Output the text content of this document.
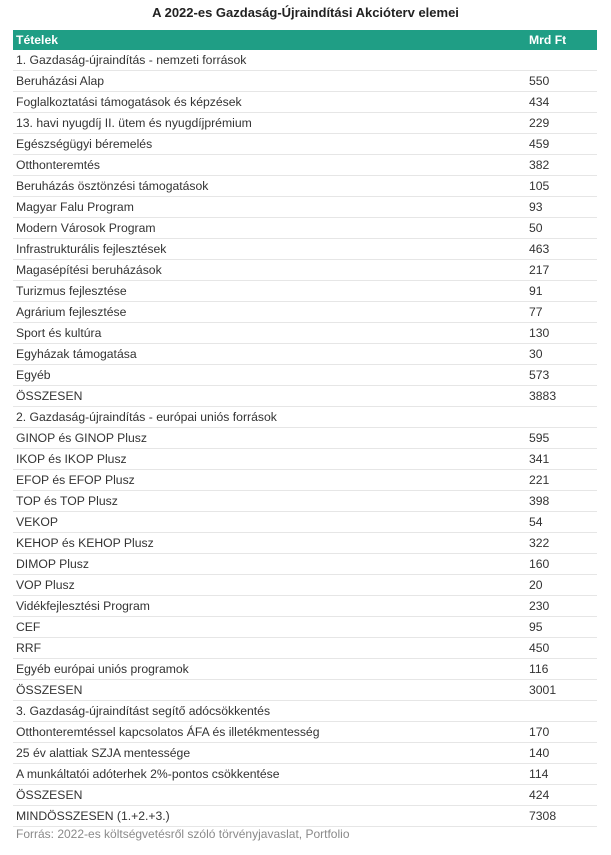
A 2022-es Gazdaság-Újraindítási Akcióterv elemei
Tételek	Mrd Ft
1. Gazdaság-újraindítás - nemzeti források
Beruházási Alap	550
Foglalkoztatási támogatások és képzések	434
13. havi nyugdíj II. ütem és nyugdíjprémium	229
Egészségügyi béremelés	459
Otthonteremtés	382
Beruházás ösztönzési támogatások	105
Magyar Falu Program	93
Modern Városok Program	50
Infrastrukturális fejlesztések	463
Magasépítési beruházások	217
Turizmus fejlesztése	91
Agrárium fejlesztése	77
Sport és kultúra	130
Egyházak támogatása	30
Egyéb	573
ÖSSZESEN	3883
2. Gazdaság-újraindítás - európai uniós források
GINOP és GINOP Plusz	595
IKOP és IKOP Plusz	341
EFOP és EFOP Plusz	221
TOP és TOP Plusz	398
VEKOP	54
KEHOP és KEHOP Plusz	322
DIMOP Plusz	160
VOP Plusz	20
Vidékfejlesztési Program	230
CEF	95
RRF	450
Egyéb európai uniós programok	116
ÖSSZESEN	3001
3. Gazdaság-újraindítást segítő adócsökkentés
Otthonteremtéssel kapcsolatos ÁFA és illetékmentesség	170
25 év alattiak SZJA mentessége	140
A munkáltatói adóterhek 2%-pontos csökkentése	114
ÖSSZESEN	424
MINDÖSSZESEN (1.+2.+3.)	7308
Forrás: 2022-es költségvetésről szóló törvényjavaslat, Portfolio
